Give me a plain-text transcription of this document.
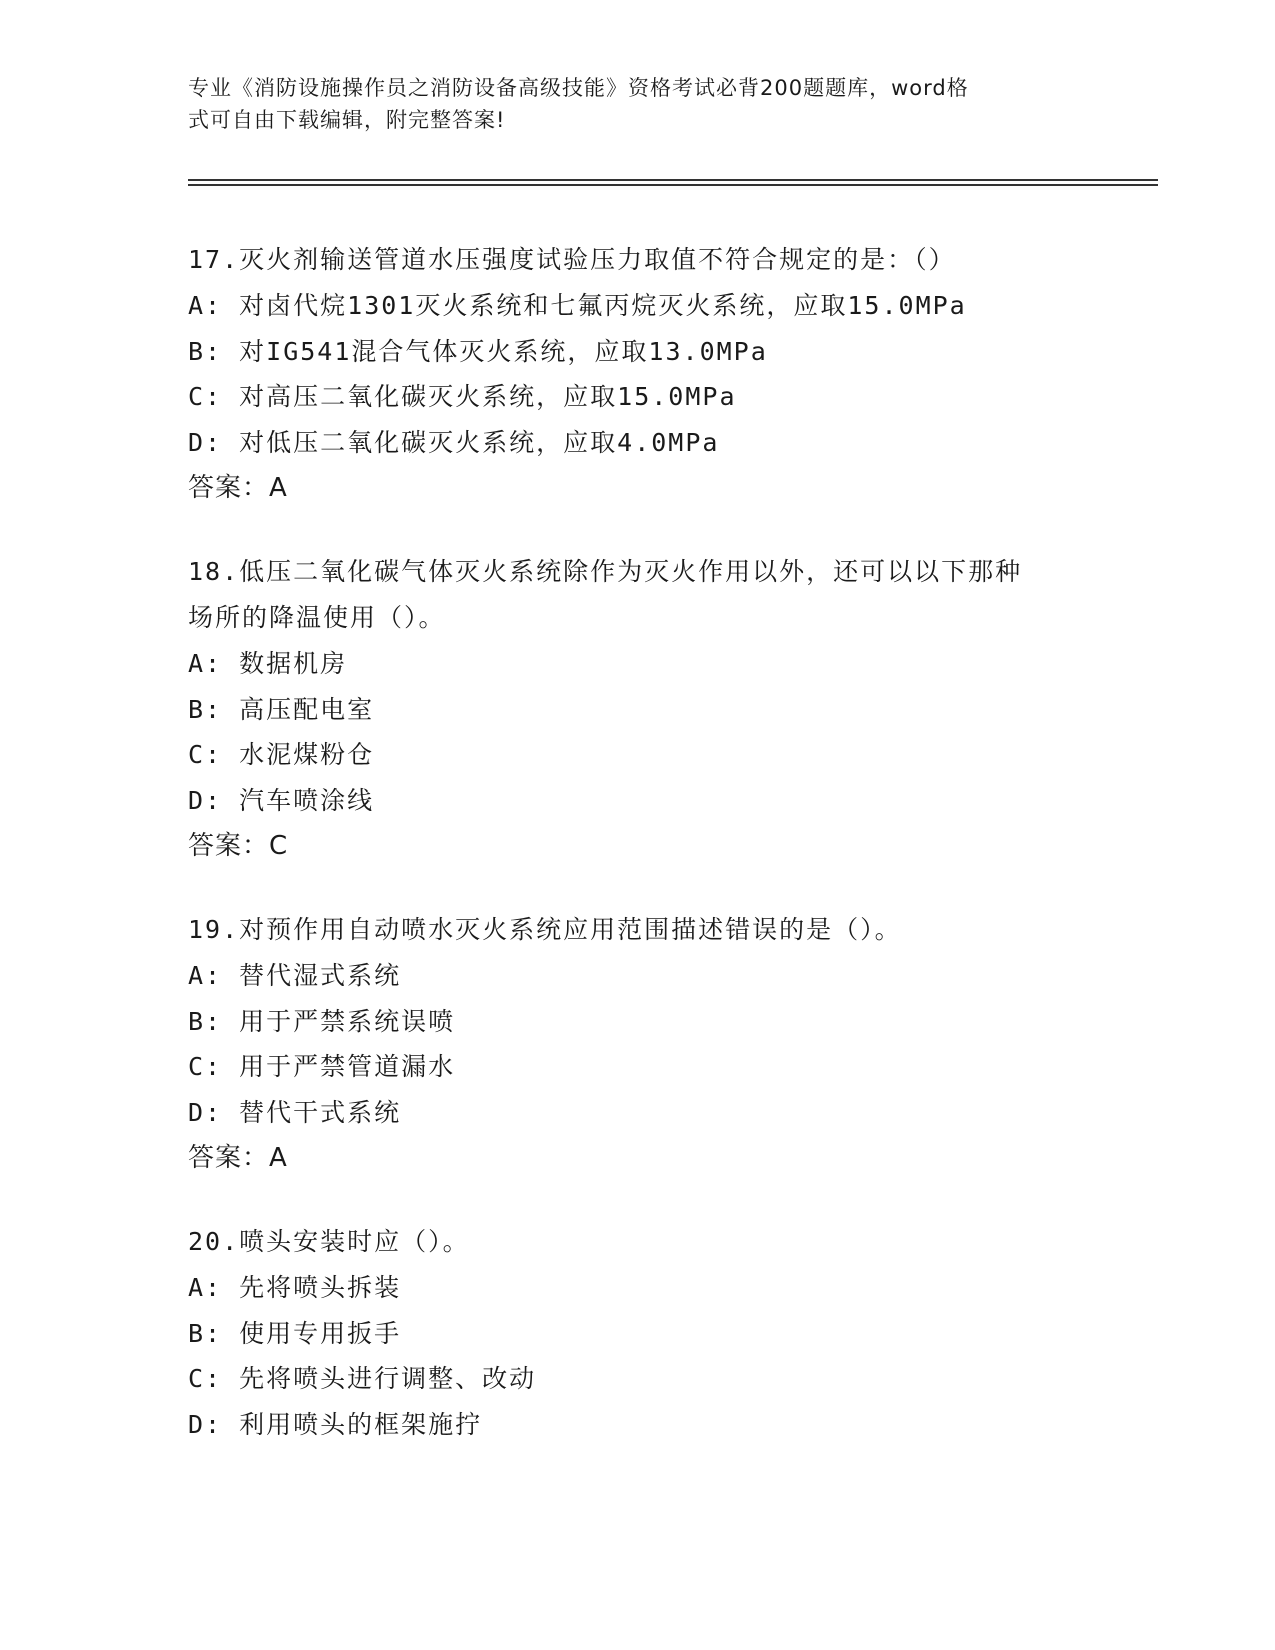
专业《消防设施操作员之消防设备高级技能》资格考试必背200题题库，word格
式可自由下载编辑，附完整答案!
17.灭火剂输送管道水压强度试验压力取值不符合规定的是：（）
A: 对卤代烷1301灭火系统和七氟丙烷灭火系统，应取15.0MPa
B: 对IG541混合气体灭火系统，应取13.0MPa
C: 对高压二氧化碳灭火系统，应取15.0MPa
D: 对低压二氧化碳灭火系统，应取4.0MPa
答案：A
18.低压二氧化碳气体灭火系统除作为灭火作用以外，还可以以下那种
场所的降温使用（）。
A: 数据机房
B: 高压配电室
C: 水泥煤粉仓
D: 汽车喷涂线
答案：C
19.对预作用自动喷水灭火系统应用范围描述错误的是（）。
A: 替代湿式系统
B: 用于严禁系统误喷
C: 用于严禁管道漏水
D: 替代干式系统
答案：A
20.喷头安装时应（）。
A: 先将喷头拆装
B: 使用专用扳手
C: 先将喷头进行调整、改动
D: 利用喷头的框架施拧
